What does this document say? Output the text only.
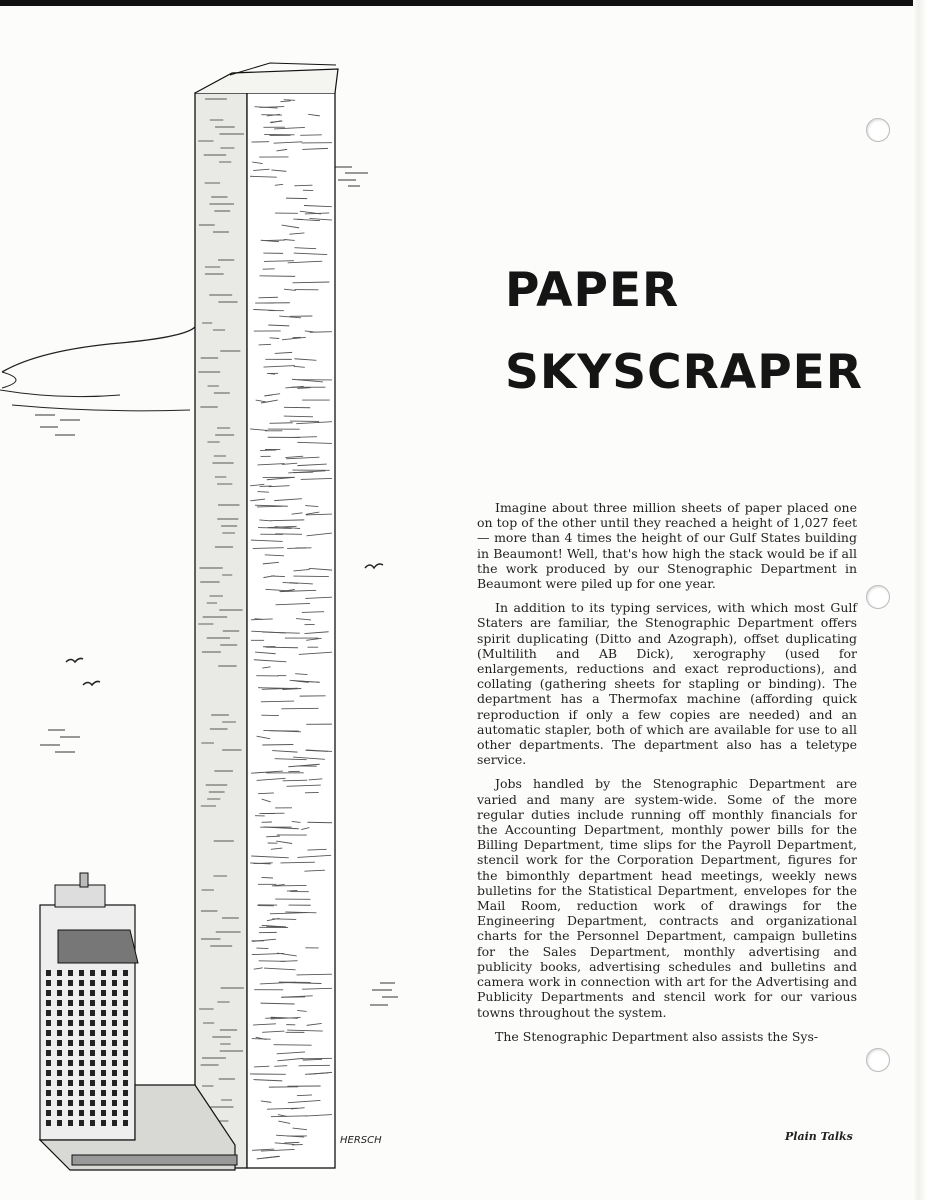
HERSCH
PAPER
SKYSCRAPER

Imagine about three million sheets of paper placed one on top of the other until they reached a height of 1,027 feet — more than 4 times the height of our Gulf States building in Beaumont! Well, that's how high the stack would be if all the work produced by our Stenographic Department in Beaumont were piled up for one year.

In addition to its typing services, with which most Gulf Staters are familiar, the Stenographic Department offers spirit duplicating (Ditto and Azograph), offset duplicating (Multilith and AB Dick), xerography (used for enlargements, reductions and exact reproductions), and collating (gathering sheets for stapling or binding). The department has a Thermofax machine (affording quick reproduction if only a few copies are needed) and an automatic stapler, both of which are available for use to all other departments. The department also has a teletype service.

Jobs handled by the Stenographic Department are varied and many are system-wide. Some of the more regular duties include running off monthly financials for the Accounting Department, monthly power bills for the Billing Department, time slips for the Payroll Department, stencil work for the Corporation Department, figures for the bimonthly department head meetings, weekly news bulletins for the Statistical Department, envelopes for the Mail Room, reduction work of drawings for the Engineering Department, contracts and organizational charts for the Personnel Department, campaign bulletins for the Sales Department, monthly advertising and publicity books, advertising schedules and bulletins and camera work in connection with art for the Advertising and Publicity Departments and stencil work for our various towns throughout the system.

The Stenographic Department also assists the Sys-

Plain Talks
